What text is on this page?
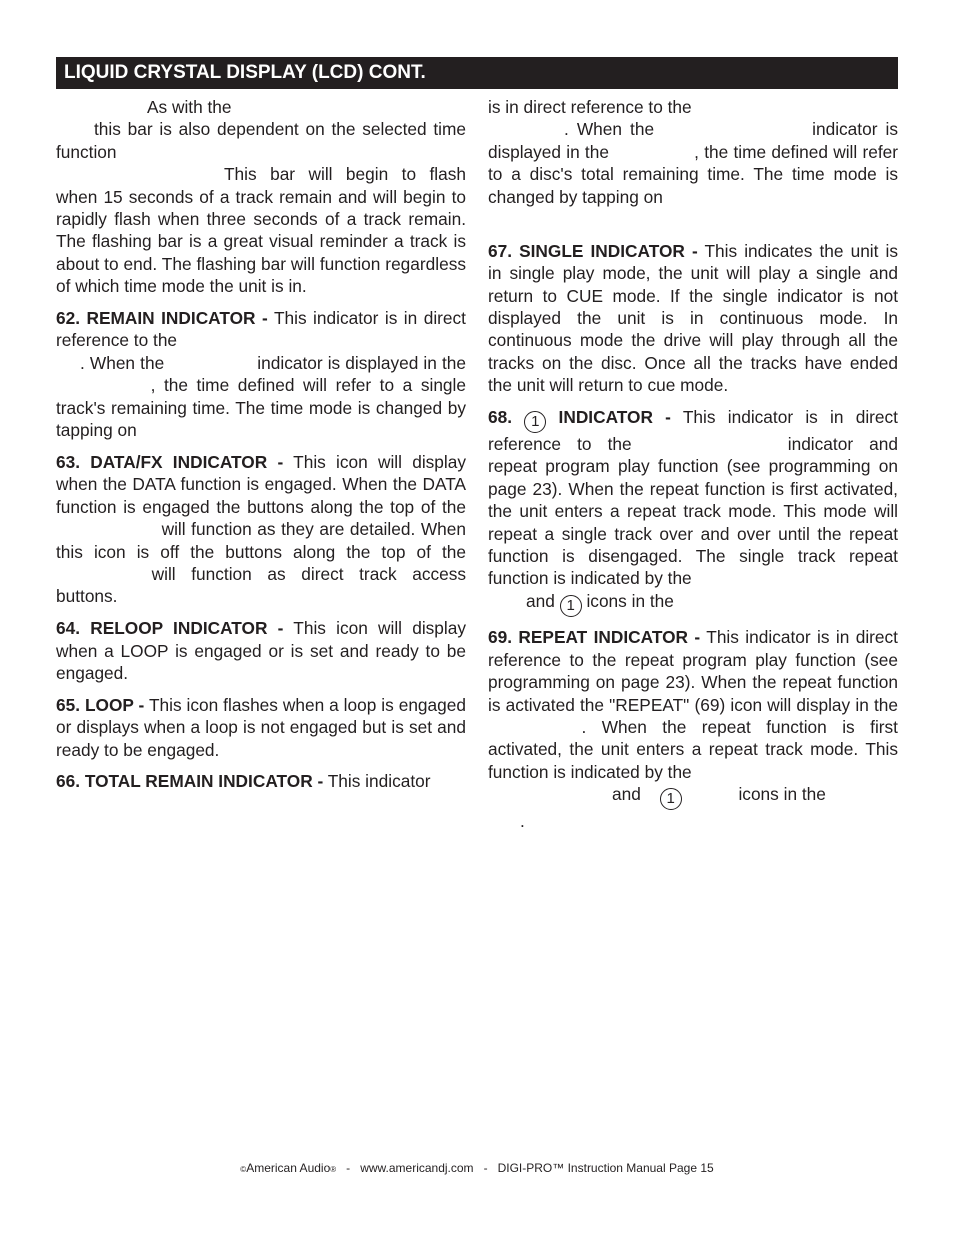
LIQUID CRYSTAL DISPLAY (LCD) CONT.

As with the
this bar is also dependent on the selected time function
This bar will begin to flash when 15 seconds of a track remain and will begin to rapidly flash when three seconds of a track remain. The flashing bar is a great visual reminder a track is about to end. The flashing bar will function regardless of which time mode the unit is in.

62. REMAIN INDICATOR - This indicator is in direct reference to the
. When the	indicator is displayed in the , the time defined will refer to a single track's remaining time. The time mode is changed by tapping on

63. DATA/FX INDICATOR - This icon will display when the DATA function is engaged. When the DATA function is engaged the buttons along the top of the will function as they are detailed. When this icon is off the buttons along the top of the will function as direct track access buttons.

64. RELOOP INDICATOR - This icon will display when a LOOP is engaged or is set and ready to be engaged.

65. LOOP - This icon flashes when a loop is engaged or displays when a loop is not engaged but is set and ready to be engaged.

66. TOTAL REMAIN INDICATOR - This indicator

is in direct reference to the
. When the	indicator is displayed in the	, the time defined will refer to a disc's total remaining time. The time mode is changed by tapping on

67. SINGLE INDICATOR - This indicates the unit is in single play mode, the unit will play a single and return to CUE mode. If the single indicator is not displayed the unit is in continuous mode. In continuous mode the drive will play through all the tracks on the disc. Once all the tracks have ended the unit will return to cue mode.

68. 1 INDICATOR - This indicator is in direct reference to the	indicator and repeat program play function (see programming on page 23). When the repeat function is first activated, the unit enters a repeat track mode. This mode will repeat a single track over and over until the repeat function is disengaged. The single track repeat function is indicated by the
and 1 icons in the

69. REPEAT INDICATOR - This indicator is in direct reference to the repeat program play function (see programming on page 23). When the repeat function is activated the "REPEAT" (69) icon will display in the . When the repeat function is first activated, the unit enters a repeat track mode. This function is indicated by the
and 1	icons in the
.

©American Audio® - www.americandj.com - DIGI-PRO™ Instruction Manual Page 15
